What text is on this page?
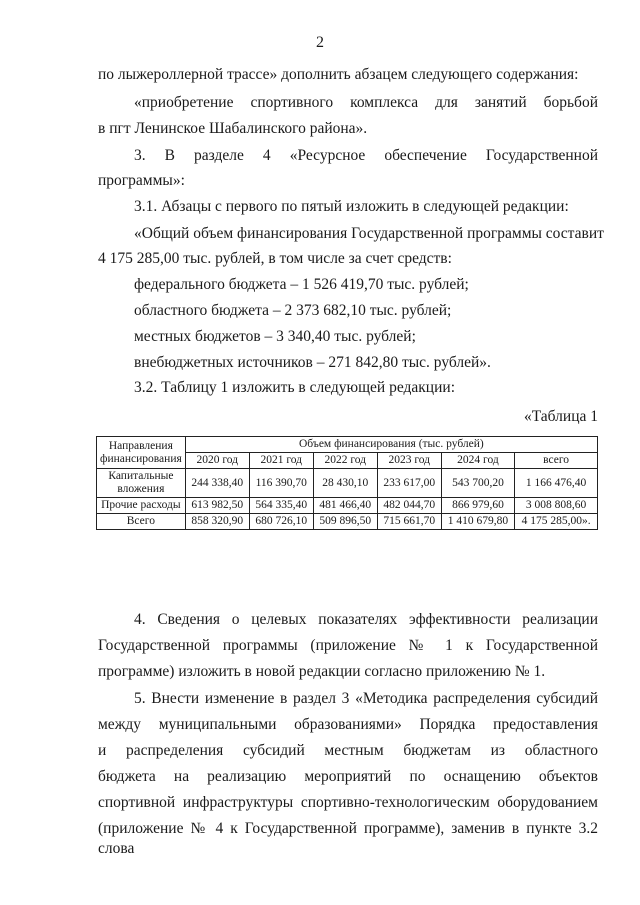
2
по лыжероллерной трассе» дополнить абзацем следующего содержания:
«приобретение спортивного комплекса для занятий борьбой
в пгт Ленинское Шабалинского района».
3. В разделе 4 «Ресурсное обеспечение Государственной
программы»:
3.1. Абзацы с первого по пятый изложить в следующей редакции:
«Общий объем финансирования Государственной программы составит
4 175 285,00 тыс. рублей, в том числе за счет средств:
федерального бюджета – 1 526 419,70 тыс. рублей;
областного бюджета – 2 373 682,10 тыс. рублей;
местных бюджетов – 3 340,40 тыс. рублей;
внебюджетных источников – 271 842,80 тыс. рублей».
3.2. Таблицу 1 изложить в следующей редакции:
«Таблица 1
Направления финансирования	Объем финансирования (тыс. рублей)					
	2020 год	2021 год	2022 год	2023 год	2024 год	всего
Капитальные вложения	244 338,40	116 390,70	28 430,10	233 617,00	543 700,20	1 166 476,40
Прочие расходы	613 982,50	564 335,40	481 466,40	482 044,70	866 979,60	3 008 808,60
Всего	858 320,90	680 726,10	509 896,50	715 661,70	1 410 679,80	4 175 285,00».
4. Сведения о целевых показателях эффективности реализации
Государственной программы (приложение № 1 к Государственной
программе) изложить в новой редакции согласно приложению № 1.
5. Внести изменение в раздел 3 «Методика распределения субсидий
между муниципальными образованиями» Порядка предоставления
и распределения субсидий местным бюджетам из областного
бюджета на реализацию мероприятий по оснащению объектов
спортивной инфраструктуры спортивно-технологическим оборудованием
(приложение № 4 к Государственной программе), заменив в пункте 3.2 слова
